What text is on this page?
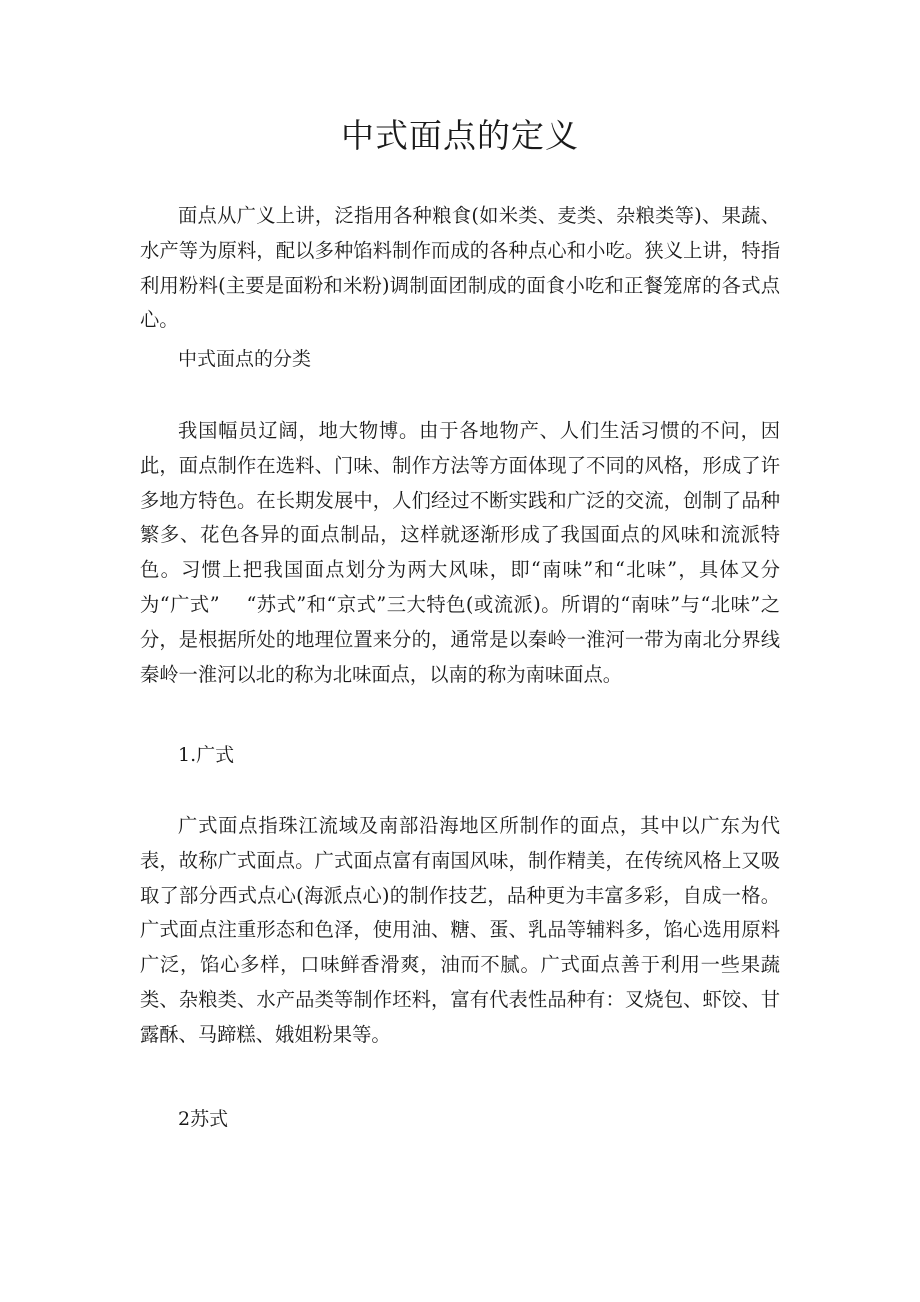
中式面点的定义

面点从广义上讲，泛指用各种粮食(如米类、麦类、杂粮类等)、果蔬、水产等为原料，配以多种馅料制作而成的各种点心和小吃。狭义上讲，特指利用粉料(主要是面粉和米粉)调制面团制成的面食小吃和正餐笼席的各式点心。

中式面点的分类

我国幅员辽阔，地大物博。由于各地物产、人们生活习惯的不问，因此，面点制作在选料、门味、制作方法等方面体现了不同的风格，形成了许多地方特色。在长期发展中，人们经过不断实践和广泛的交流，创制了品种繁多、花色各异的面点制品，这样就逐渐形成了我国面点的风味和流派特色。习惯上把我国面点划分为两大风味，即“南味”和“北味”，具体又分为“广式”　 “苏式”和“京式”三大特色(或流派)。所谓的“南味”与“北味”之分，是根据所处的地理位置来分的，通常是以秦岭一淮河一带为南北分界线秦岭一淮河以北的称为北味面点，以南的称为南味面点。

1.广式

广式面点指珠江流域及南部沿海地区所制作的面点，其中以广东为代表，故称广式面点。广式面点富有南国风味，制作精美，在传统风格上又吸取了部分西式点心(海派点心)的制作技艺，品种更为丰富多彩，自成一格。广式面点注重形态和色泽，使用油、糖、蛋、乳品等辅料多，馅心选用原料广泛，馅心多样，口味鲜香滑爽，油而不腻。广式面点善于利用一些果蔬类、杂粮类、水产品类等制作坯料，富有代表性品种有：叉烧包、虾饺、甘露酥、马蹄糕、娥姐粉果等。

2苏式
